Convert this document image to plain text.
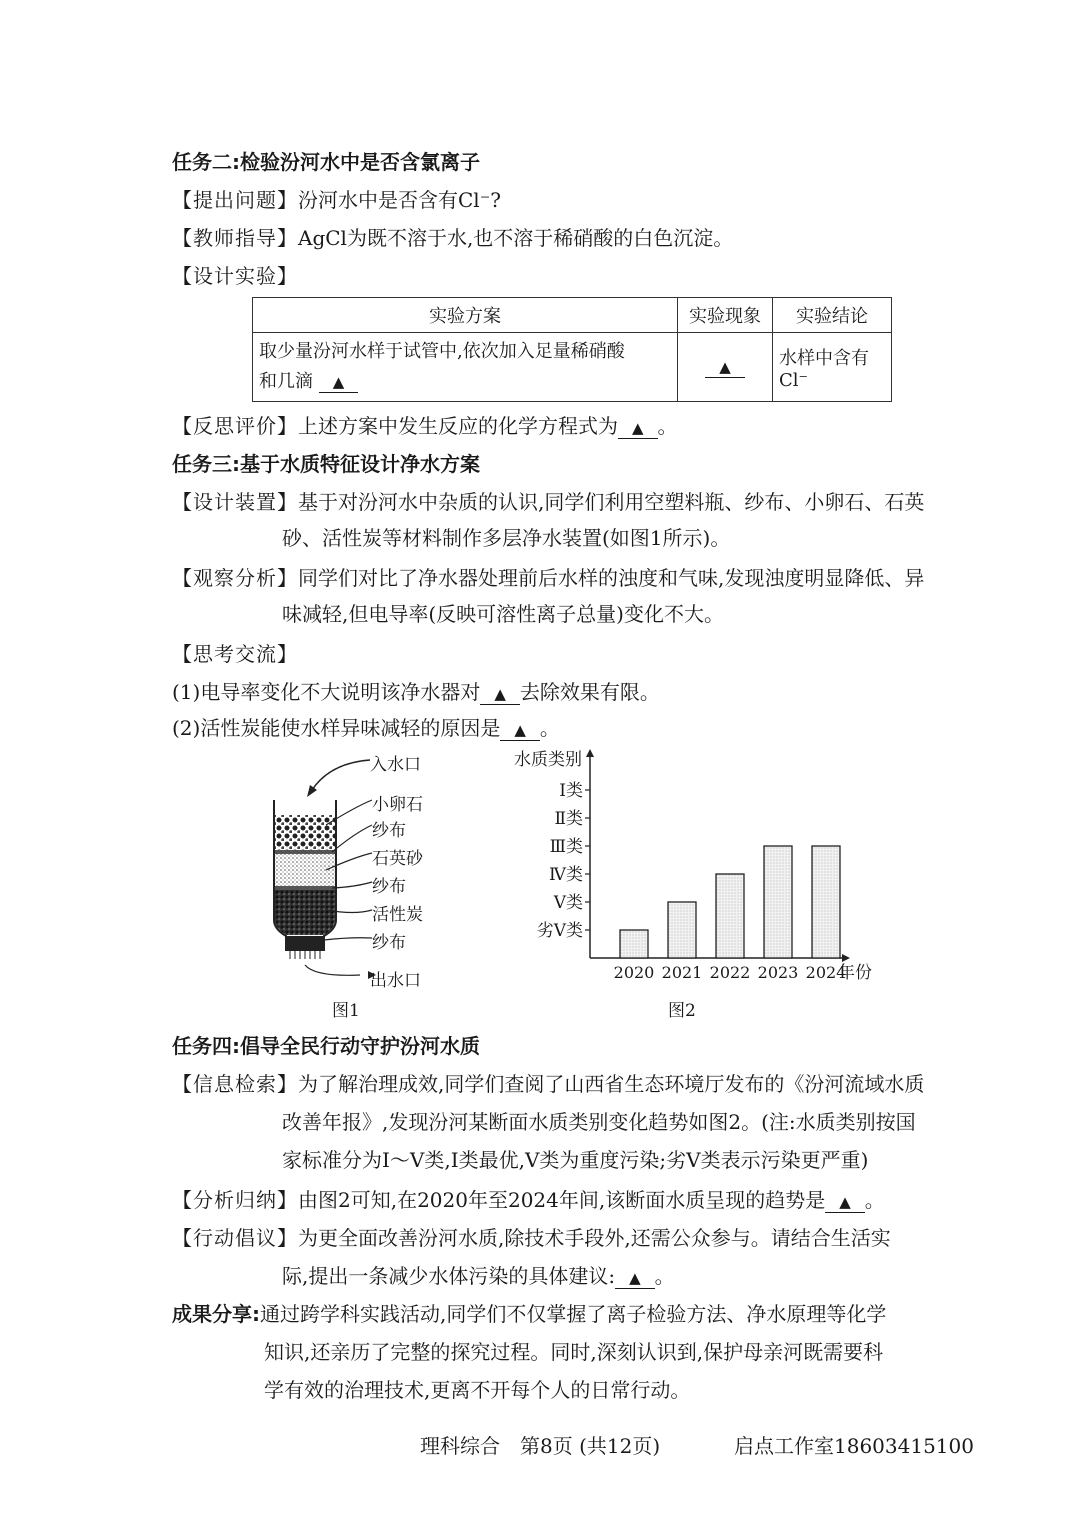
任务二:检验汾河水中是否含氯离子
【提出问题】汾河水中是否含有Cl⁻?
【教师指导】AgCl为既不溶于水,也不溶于稀硝酸的白色沉淀。
【设计实验】
实验方案	实验现象	实验结论

取少量汾河水样于试管中,依次加入足量稀硝酸
和几滴 ▲	▲	水样中含有Cl⁻
【反思评价】上述方案中发生反应的化学方程式为 ▲ 。
任务三:基于水质特征设计净水方案
【设计装置】基于对汾河水中杂质的认识,同学们利用空塑料瓶、纱布、小卵石、石英
砂、活性炭等材料制作多层净水装置(如图1所示)。
【观察分析】同学们对比了净水器处理前后水样的浊度和气味,发现浊度明显降低、异
味减轻,但电导率(反映可溶性离子总量)变化不大。
【思考交流】
(1)电导率变化不大说明该净水器对 ▲ 去除效果有限。
(2)活性炭能使水样异味减轻的原因是 ▲ 。
入水口
小卵石
纱布
石英砂
纱布
活性炭
纱布
出水口
图1
水质类别
劣Ⅴ类
Ⅴ类
Ⅳ类
Ⅲ类
Ⅱ类
Ⅰ类
2020 2021 2022 2023 2024
年份
图2
任务四:倡导全民行动守护汾河水质
【信息检索】为了解治理成效,同学们查阅了山西省生态环境厅发布的《汾河流域水质
改善年报》,发现汾河某断面水质类别变化趋势如图2。(注:水质类别按国
家标准分为Ⅰ～Ⅴ类,Ⅰ类最优,Ⅴ类为重度污染;劣Ⅴ类表示污染更严重)
【分析归纳】由图2可知,在2020年至2024年间,该断面水质呈现的趋势是 ▲ 。
【行动倡议】为更全面改善汾河水质,除技术手段外,还需公众参与。请结合生活实
际,提出一条减少水体污染的具体建议: ▲ 。
成果分享:通过跨学科实践活动,同学们不仅掌握了离子检验方法、净水原理等化学
知识,还亲历了完整的探究过程。同时,深刻认识到,保护母亲河既需要科
学有效的治理技术,更离不开每个人的日常行动。
理科综合　第8页 (共12页)	启点工作室18603415100
